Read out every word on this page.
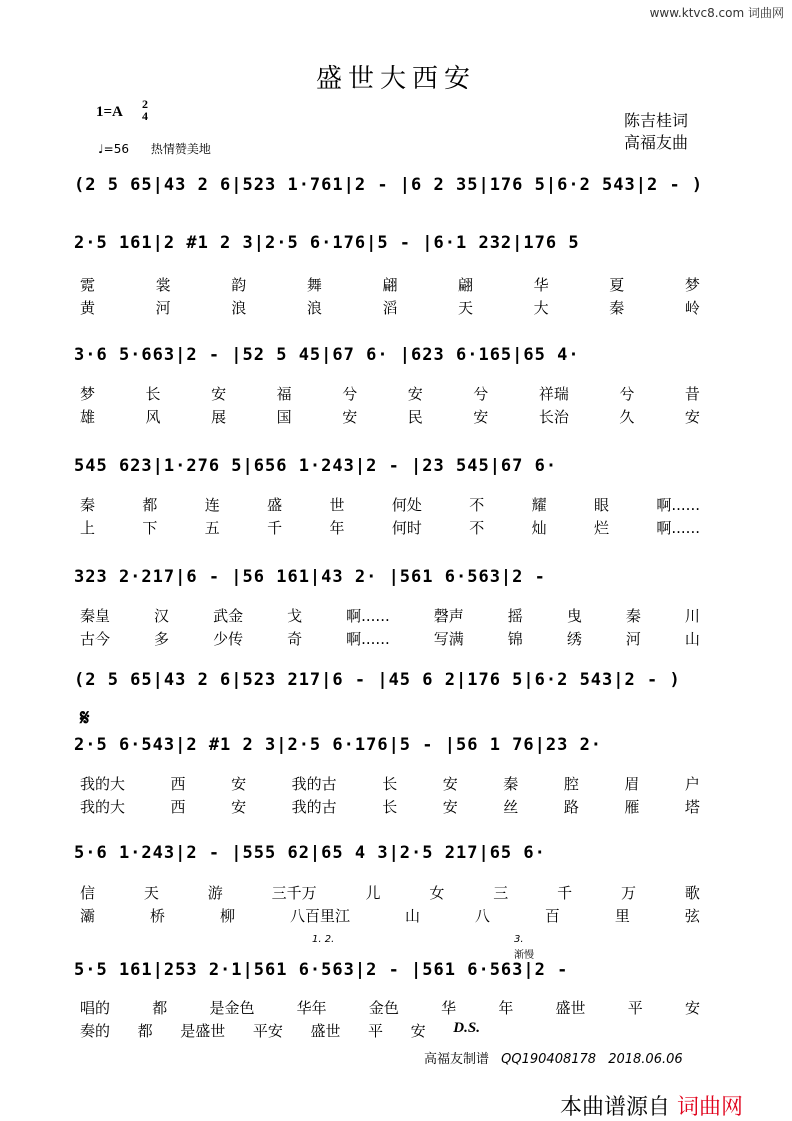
www.ktvc8.com 词曲网
盛世大西安
1=A 2
4
♩=56 热情赞美地
陈吉桂词
高福友曲
(2 5 65|43 2 6|523 1·761|2 - |6 2 35|176 5|6·2 543|2 - )
2·5 161|2 #1 2 3|2·5 6·176|5 - |6·1 232|176 5
3·6 5·663|2 - |52 5 45|67 6· |623 6·165|65 4·
545 623|1·276 5|656 1·243|2 - |23 545|67 6·
323 2·217|6 - |56 161|43 2· |561 6·563|2 -
(2 5 65|43 2 6|523 217|6 - |45 6 2|176 5|6·2 543|2 - )
𝄋
2·5 6·543|2 #1 2 3|2·5 6·176|5 - |56 1 76|23 2·
5·6 1·243|2 - |555 62|65 4 3|2·5 217|65 6·
1. 2.	3.
渐慢
5·5 161|253 2·1|561 6·563|2 - |561 6·563|2 -
霓	裳	韵	舞	翩	翩	华	夏	梦
黄	河	浪	浪	滔	天	大	秦	岭
梦	长	安	福	兮	安	兮	祥瑞	兮	昔
雄	风	展	国	安	民	安	长治	久	安
秦	都	连	盛	世	何处	不	耀	眼	啊......
上	下	五	千	年	何时	不	灿	烂	啊......
秦皇	汉	武金	戈	啊......	磬声	摇	曳	秦	川
古今	多	少传	奇	啊......	写满	锦	绣	河	山
我的大	西	安	我的古	长	安	秦	腔	眉	户
我的大	西	安	我的古	长	安	丝	路	雁	塔
信	天	游	三千万	儿	女	三	千	万	歌
灞	桥	柳	八百里江	山	八	百	里	弦
唱的	都	是金色	华年	金色	华	年	盛世	平	安
奏的 都 是盛世 平安 盛世 平 安 D.S.
高福友制谱 QQ190408178 2018.06.06
本曲谱源自 词曲网
